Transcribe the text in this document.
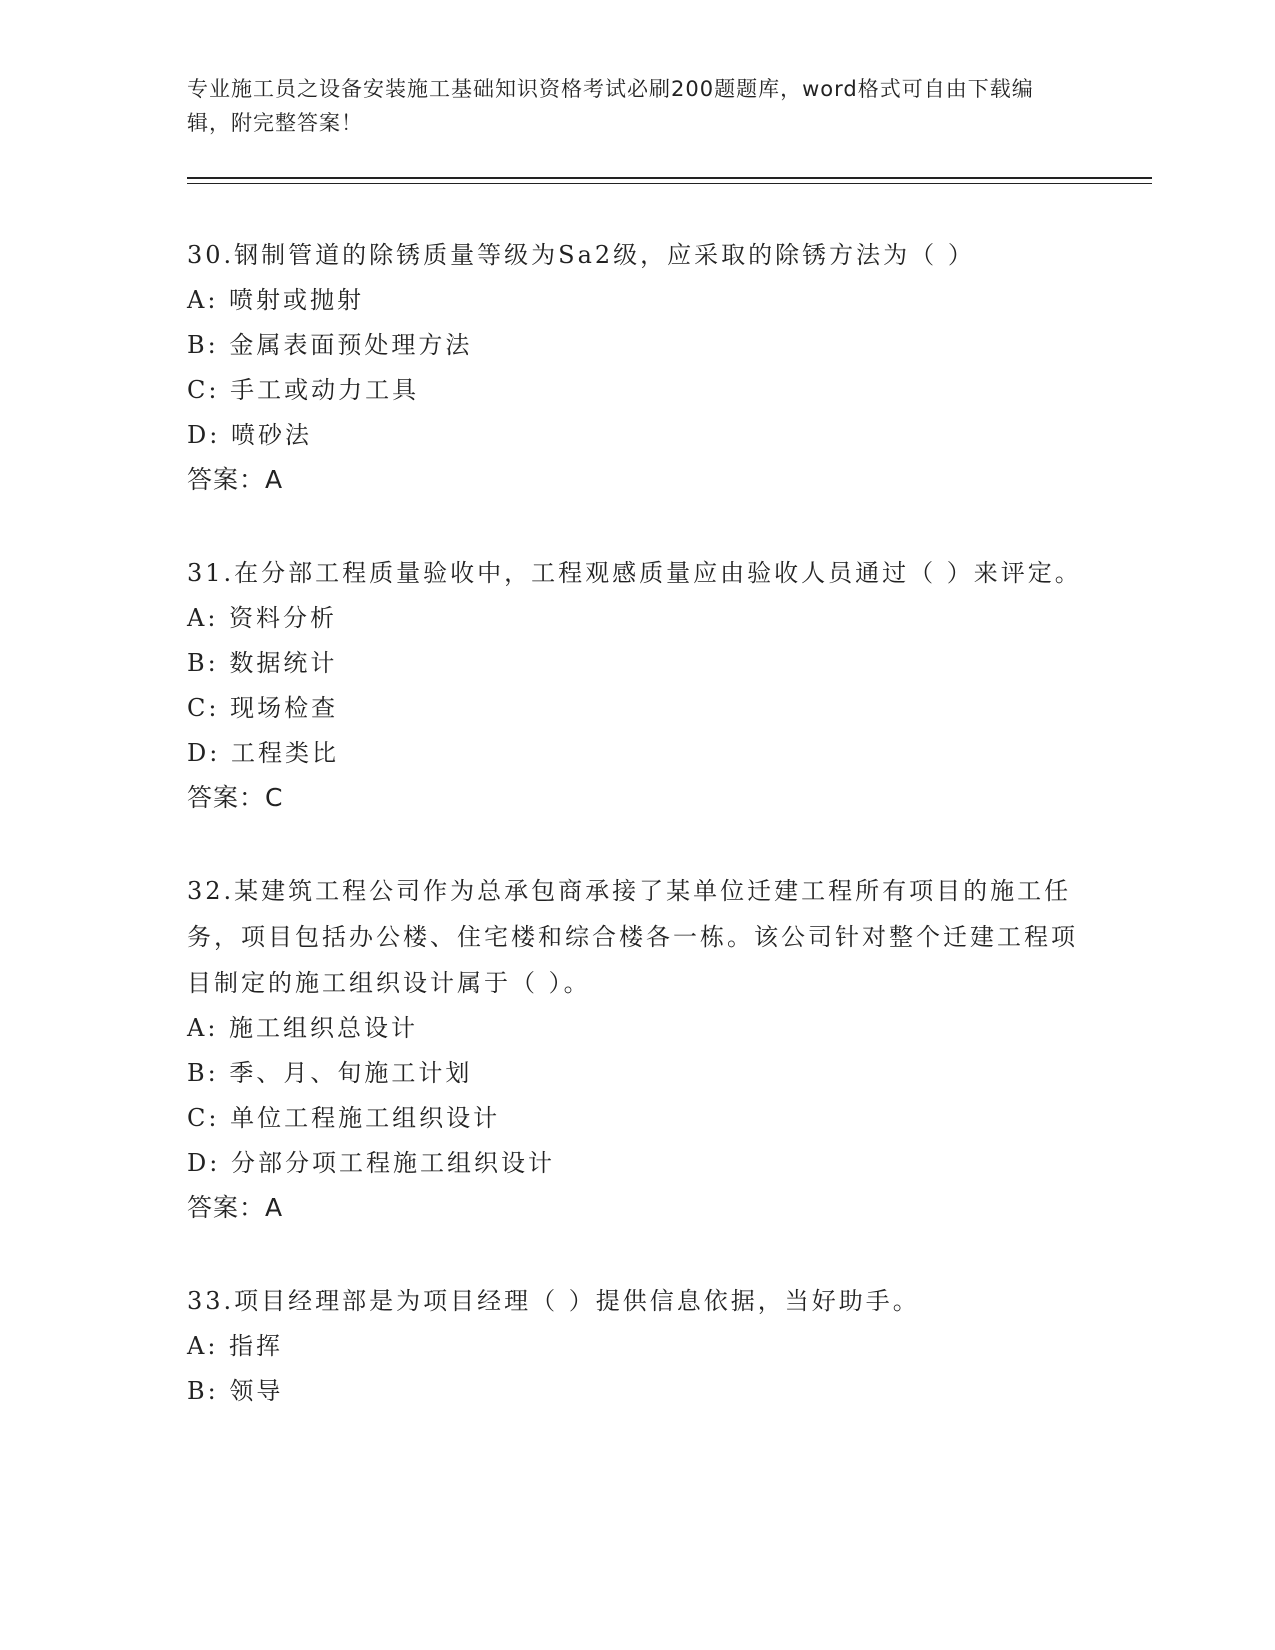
专业施工员之设备安装施工基础知识资格考试必刷200题题库，word格式可自由下载编辑，附完整答案！
30.钢制管道的除锈质量等级为Sa2级，应采取的除锈方法为（ ）
A: 喷射或抛射
B: 金属表面预处理方法
C: 手工或动力工具
D: 喷砂法
答案：A
31.在分部工程质量验收中，工程观感质量应由验收人员通过（ ）来评定。
A: 资料分析
B: 数据统计
C: 现场检查
D: 工程类比
答案：C
32.某建筑工程公司作为总承包商承接了某单位迁建工程所有项目的施工任务，项目包括办公楼、住宅楼和综合楼各一栋。该公司针对整个迁建工程项目制定的施工组织设计属于（ ）。
A: 施工组织总设计
B: 季、月、旬施工计划
C: 单位工程施工组织设计
D: 分部分项工程施工组织设计
答案：A
33.项目经理部是为项目经理（ ）提供信息依据，当好助手。
A: 指挥
B: 领导
